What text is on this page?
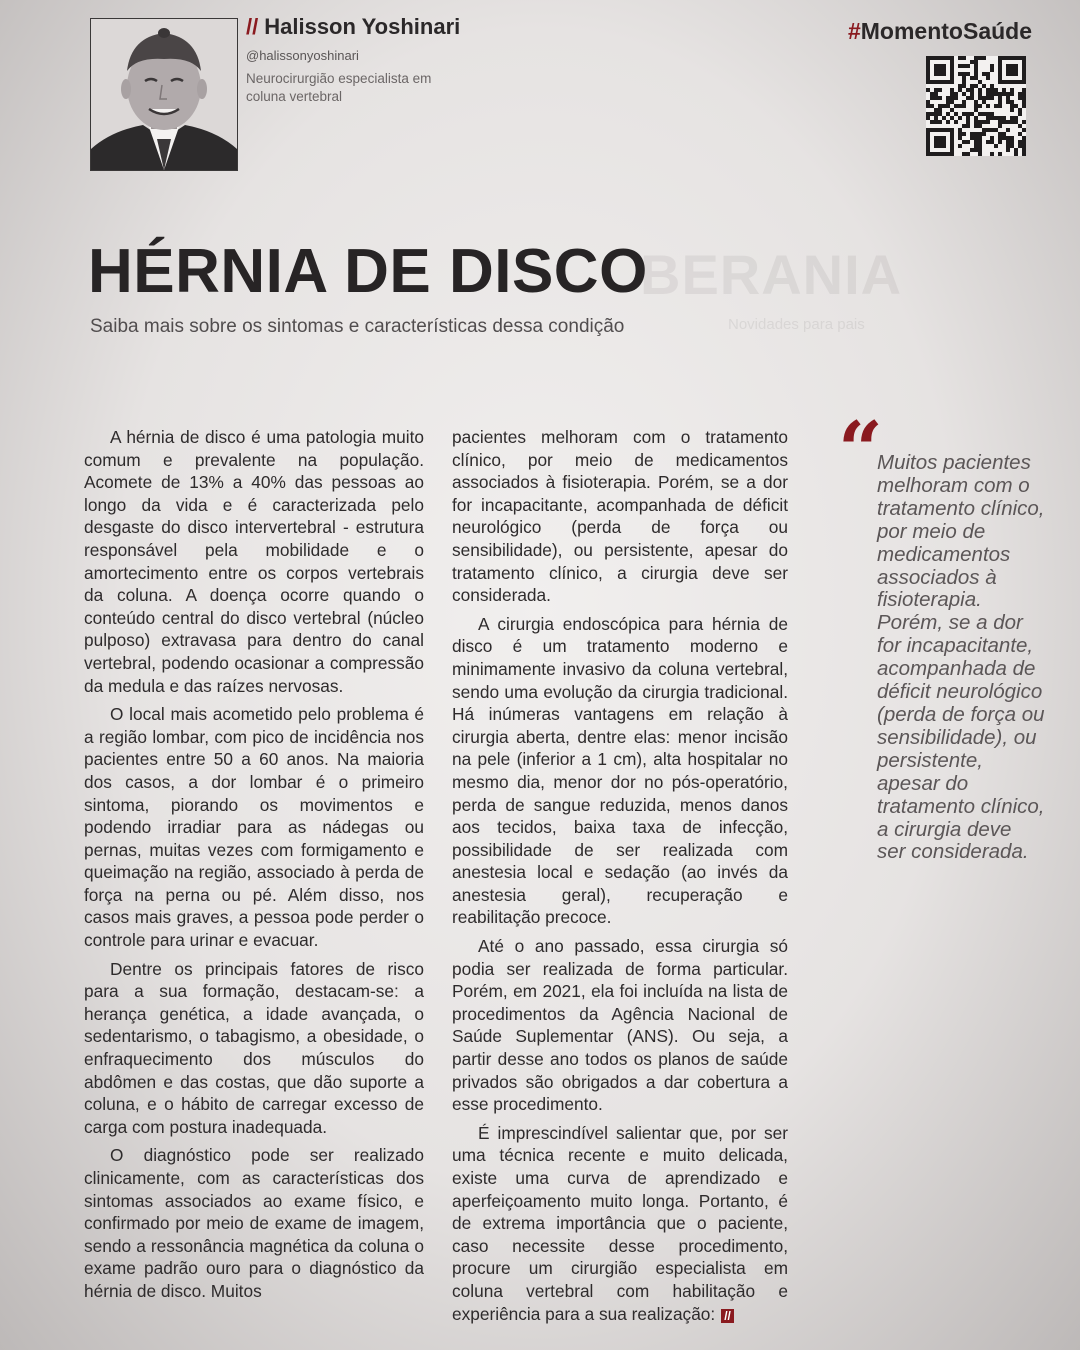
BERANIA
Novidades para pais
// Halisson Yoshinari
@halissonyoshinari
Neurocirurgião especialista em coluna vertebral
#MomentoSaúde
HÉRNIA DE DISCO
Saiba mais sobre os sintomas e características dessa condição

A hérnia de disco é uma patologia muito comum e prevalente na população. Acomete de 13% a 40% das pessoas ao longo da vida e é caracterizada pelo desgaste do disco intervertebral - estrutura responsável pela mobilidade e o amortecimento entre os corpos vertebrais da coluna. A doença ocorre quando o conteúdo central do disco vertebral (núcleo pulposo) extravasa para dentro do canal vertebral, podendo ocasionar a compressão da medula e das raízes nervosas.

O local mais acometido pelo problema é a região lombar, com pico de incidência nos pacientes entre 50 a 60 anos. Na maioria dos casos, a dor lombar é o primeiro sintoma, piorando os movimentos e podendo irradiar para as nádegas ou pernas, muitas vezes com formigamento e queimação na região, associado à perda de força na perna ou pé. Além disso, nos casos mais graves, a pessoa pode perder o controle para urinar e evacuar.

Dentre os principais fatores de risco para a sua formação, destacam-se: a herança genética, a idade avançada, o sedentarismo, o tabagismo, a obesidade, o enfraquecimento dos músculos do abdômen e das costas, que dão suporte a coluna, e o hábito de carregar excesso de carga com postura inadequada.

O diagnóstico pode ser realizado clinicamente, com as características dos sintomas associados ao exame físico, e confirmado por meio de exame de imagem, sendo a ressonância magnética da coluna o exame padrão ouro para o diagnóstico da hérnia de disco. Muitos

pacientes melhoram com o tratamento clínico, por meio de medicamentos associados à fisioterapia. Porém, se a dor for incapacitante, acompanhada de déficit neurológico (perda de força ou sensibilidade), ou persistente, apesar do tratamento clínico, a cirurgia deve ser considerada.

A cirurgia endoscópica para hérnia de disco é um tratamento moderno e minimamente invasivo da coluna vertebral, sendo uma evolução da cirurgia tradicional. Há inúmeras vantagens em relação à cirurgia aberta, dentre elas: menor incisão na pele (inferior a 1 cm), alta hospitalar no mesmo dia, menor dor no pós-operatório, perda de sangue reduzida, menos danos aos tecidos, baixa taxa de infecção, possibilidade de ser realizada com anestesia local e sedação (ao invés da anestesia geral), recuperação e reabilitação precoce.

Até o ano passado, essa cirurgia só podia ser realizada de forma particular. Porém, em 2021, ela foi incluída na lista de procedimentos da Agência Nacional de Saúde Suplementar (ANS). Ou seja, a partir desse ano todos os planos de saúde privados são obrigados a dar cobertura a esse procedimento.

É imprescindível salientar que, por ser uma técnica recente e muito delicada, existe uma curva de aprendizado e aperfeiçoamento muito longa. Portanto, é de extrema importância que o paciente, caso necessite desse procedimento, procure um cirurgião especialista em coluna vertebral com habilitação e experiência para a sua realização: //

“
Muitos pacientes melhoram com o tratamento clínico, por meio de medicamentos associados à fisioterapia. Porém, se a dor for incapacitante, acompanhada de déficit neurológico (perda de força ou sensibilidade), ou persistente, apesar do tratamento clínico, a cirurgia deve ser considerada.
